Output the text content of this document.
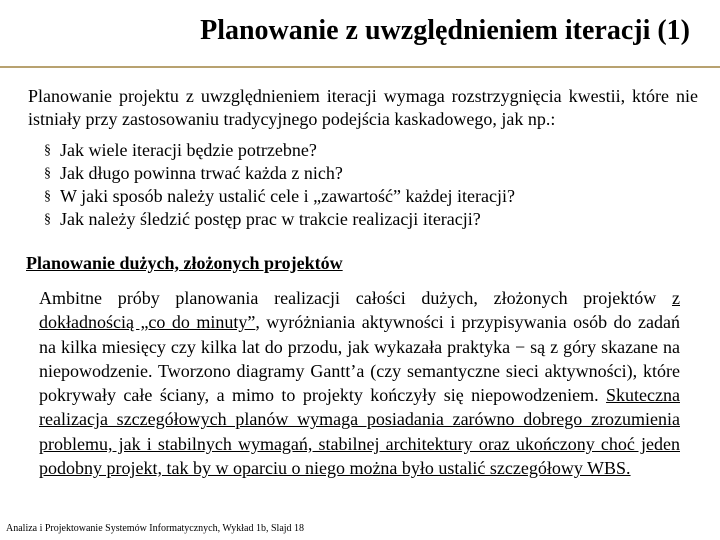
Planowanie z uwzględnieniem iteracji (1)
Planowanie projektu z uwzględnieniem iteracji wymaga rozstrzygnięcia kwestii, które nie istniały przy zastosowaniu tradycyjnego podejścia kaskadowego, jak np.:
§ Jak wiele iteracji będzie potrzebne?
§ Jak długo powinna trwać każda z nich?
§ W jaki sposób należy ustalić cele i „zawartość” każdej iteracji?
§ Jak należy śledzić postęp prac w trakcie realizacji iteracji?
Planowanie dużych, złożonych projektów
Ambitne próby planowania realizacji całości dużych, złożonych projektów z dokładnością „co do minuty”, wyróżniania aktywności i przypisywania osób do zadań na kilka miesięcy czy kilka lat do przodu, jak wykazała praktyka − są z góry skazane na niepowodzenie. Tworzono diagramy Gantt’a (czy semantyczne sieci aktywności), które pokrywały całe ściany, a mimo to projekty kończyły się niepowodzeniem. Skuteczna realizacja szczegółowych planów wymaga posiadania zarówno dobrego zrozumienia problemu, jak i stabilnych wymagań, stabilnej architektury oraz ukończony choć jeden podobny projekt, tak by w oparciu o niego można było ustalić szczegółowy WBS.
Analiza i Projektowanie Systemów Informatycznych, Wykład 1b, Slajd 18
